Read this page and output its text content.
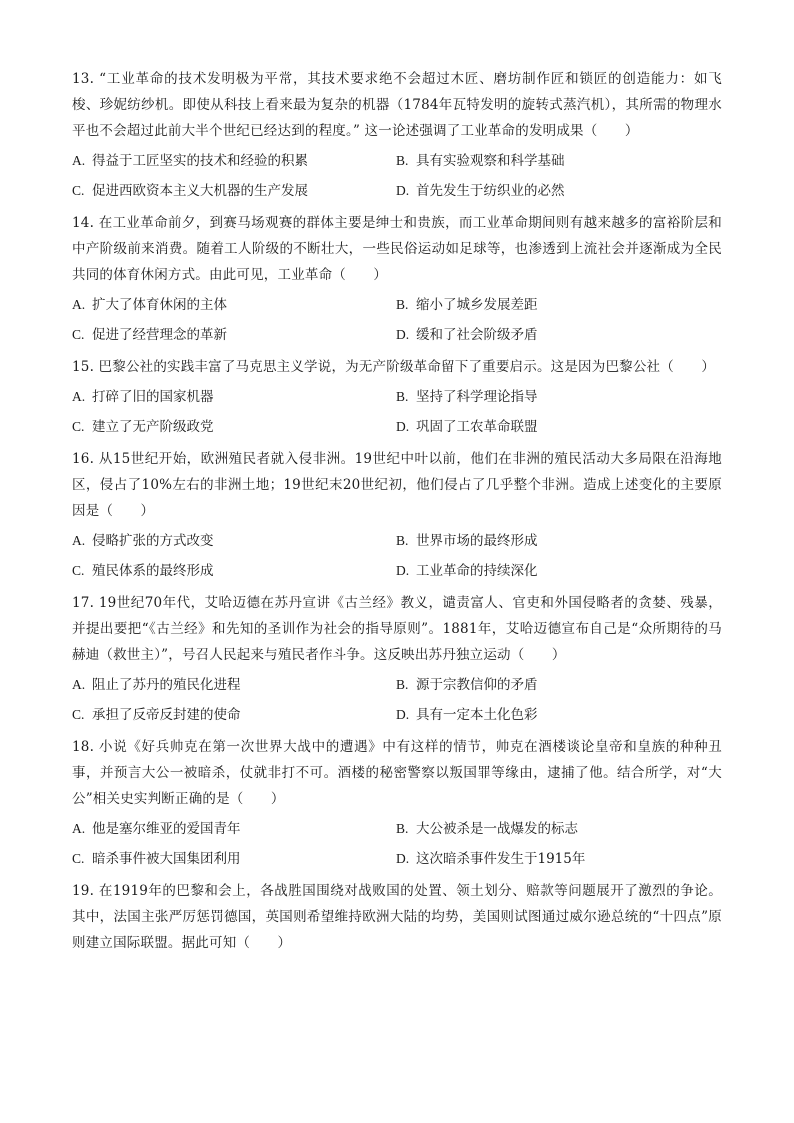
13. “工业革命的技术发明极为平常，其技术要求绝不会超过木匠、磨坊制作匠和锁匠的创造能力：如飞梭、珍妮纺纱机。即使从科技上看来最为复杂的机器（1784年瓦特发明的旋转式蒸汽机），其所需的物理水平也不会超过此前大半个世纪已经达到的程度。” 这一论述强调了工业革命的发明成果（　　）

A. 得益于工匠坚实的技术和经验的积累	B. 具有实验观察和科学基础
C. 促进西欧资本主义大机器的生产发展	D. 首先发生于纺织业的必然

14. 在工业革命前夕，到赛马场观赛的群体主要是绅士和贵族，而工业革命期间则有越来越多的富裕阶层和中产阶级前来消费。随着工人阶级的不断壮大，一些民俗运动如足球等，也渗透到上流社会并逐渐成为全民共同的体育休闲方式。由此可见，工业革命（　　）

A. 扩大了体育休闲的主体	B. 缩小了城乡发展差距
C. 促进了经营理念的革新	D. 缓和了社会阶级矛盾

15. 巴黎公社的实践丰富了马克思主义学说，为无产阶级革命留下了重要启示。这是因为巴黎公社（　　）

A. 打碎了旧的国家机器	B. 坚持了科学理论指导
C. 建立了无产阶级政党	D. 巩固了工农革命联盟

16. 从15世纪开始，欧洲殖民者就入侵非洲。19世纪中叶以前，他们在非洲的殖民活动大多局限在沿海地区，侵占了10%左右的非洲土地；19世纪末20世纪初，他们侵占了几乎整个非洲。造成上述变化的主要原因是（　　）

A. 侵略扩张的方式改变	B. 世界市场的最终形成
C. 殖民体系的最终形成	D. 工业革命的持续深化

17. 19世纪70年代，艾哈迈德在苏丹宣讲《古兰经》教义，谴责富人、官吏和外国侵略者的贪婪、残暴，并提出要把“《古兰经》和先知的圣训作为社会的指导原则”。1881年，艾哈迈德宣布自己是“众所期待的马赫迪（救世主）”，号召人民起来与殖民者作斗争。这反映出苏丹独立运动（　　）

A. 阻止了苏丹的殖民化进程	B. 源于宗教信仰的矛盾
C. 承担了反帝反封建的使命	D. 具有一定本土化色彩

18. 小说《好兵帅克在第一次世界大战中的遭遇》中有这样的情节，帅克在酒楼谈论皇帝和皇族的种种丑事，并预言大公一被暗杀，仗就非打不可。酒楼的秘密警察以叛国罪等缘由，逮捕了他。结合所学，对“大公”相关史实判断正确的是（　　）

A. 他是塞尔维亚的爱国青年	B. 大公被杀是一战爆发的标志
C. 暗杀事件被大国集团利用	D. 这次暗杀事件发生于1915年

19. 在1919年的巴黎和会上，各战胜国围绕对战败国的处置、领土划分、赔款等问题展开了激烈的争论。其中，法国主张严厉惩罚德国，英国则希望维持欧洲大陆的均势，美国则试图通过威尔逊总统的“十四点”原则建立国际联盟。据此可知（　　）
